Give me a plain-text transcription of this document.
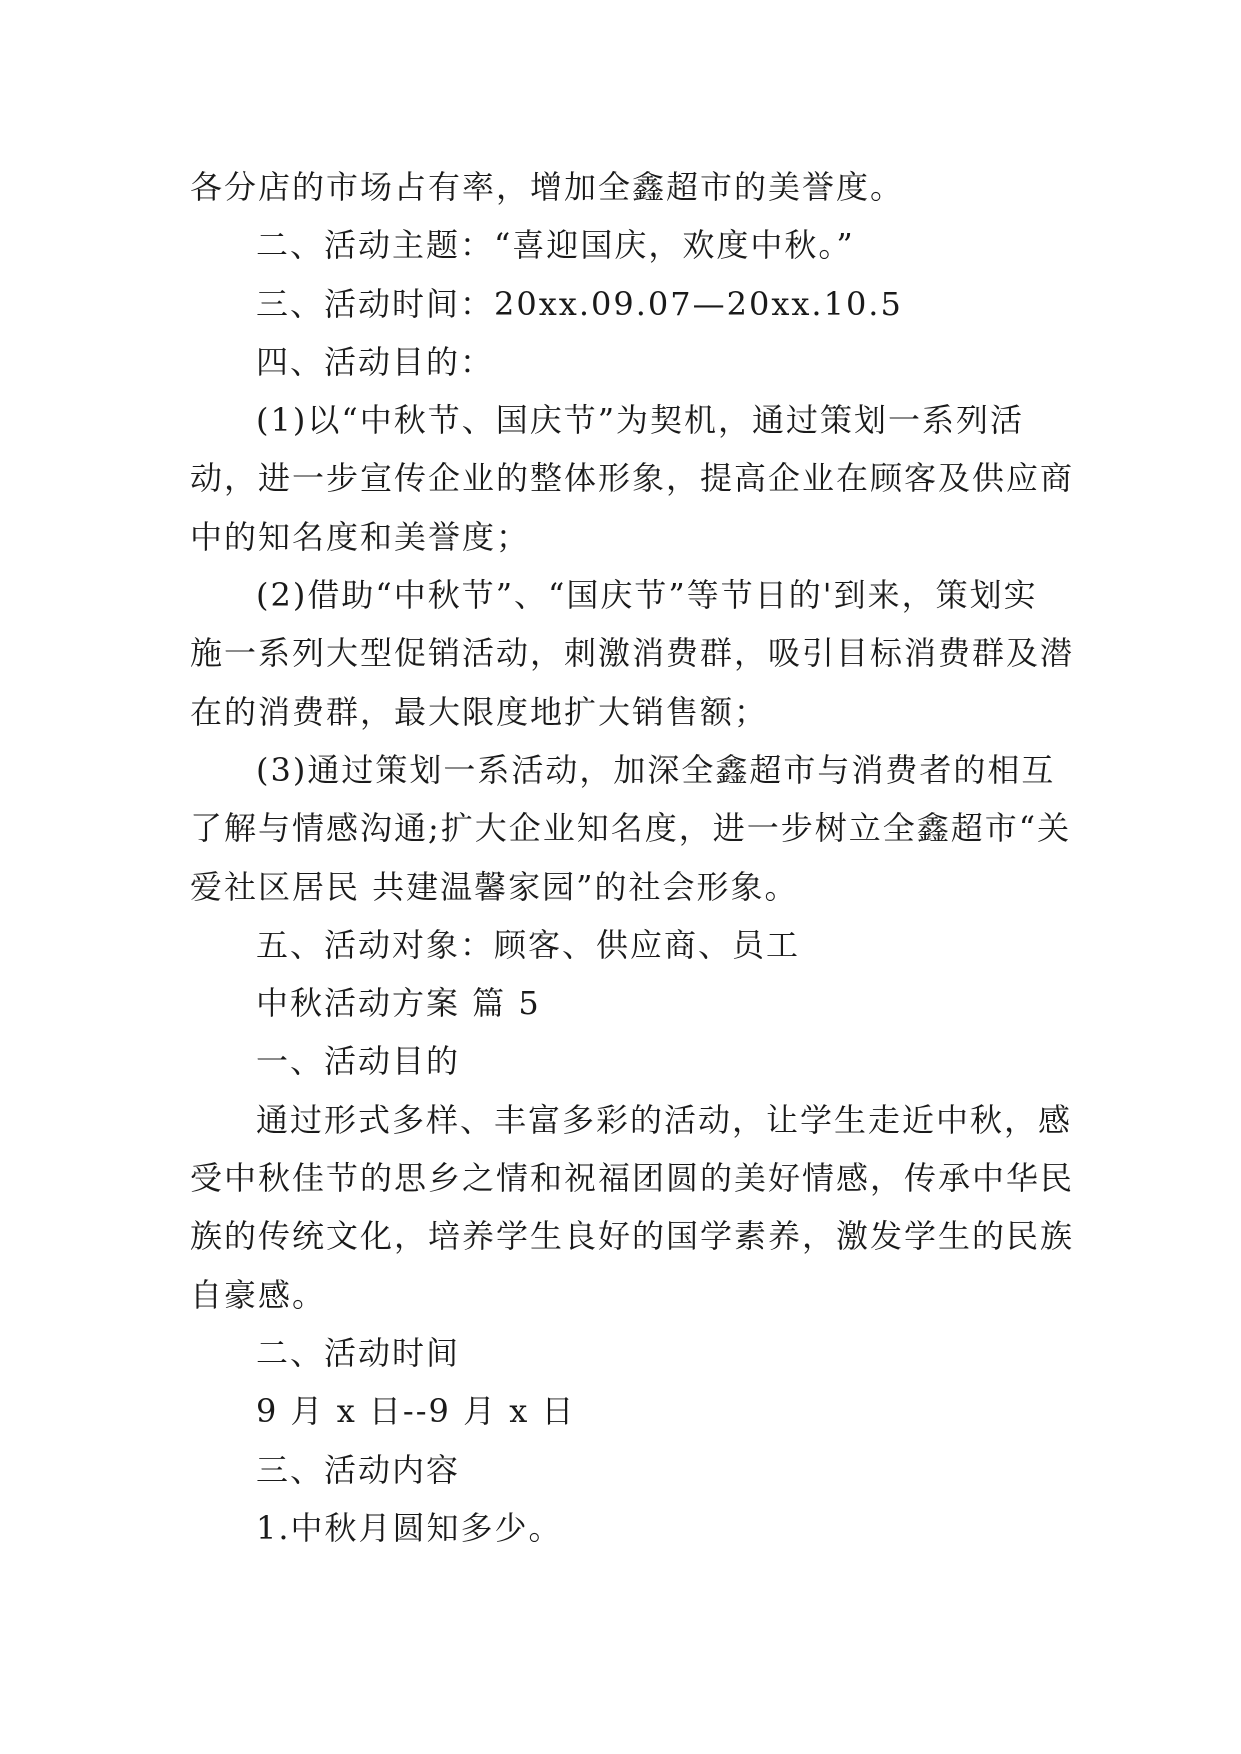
各分店的市场占有率，增加全鑫超市的美誉度。
二、活动主题：“喜迎国庆，欢度中秋。”
三、活动时间：20xx.09.07—20xx.10.5
四、活动目的：
(1)以“中秋节、国庆节”为契机，通过策划一系列活
动，进一步宣传企业的整体形象，提高企业在顾客及供应商
中的知名度和美誉度；
(2)借助“中秋节”、“国庆节”等节日的'到来，策划实
施一系列大型促销活动，刺激消费群，吸引目标消费群及潜
在的消费群，最大限度地扩大销售额；
(3)通过策划一系活动，加深全鑫超市与消费者的相互
了解与情感沟通;扩大企业知名度，进一步树立全鑫超市“关
爱社区居民 共建温馨家园”的社会形象。
五、活动对象：顾客、供应商、员工
中秋活动方案 篇 5
一、活动目的
通过形式多样、丰富多彩的活动，让学生走近中秋，感
受中秋佳节的思乡之情和祝福团圆的美好情感，传承中华民
族的传统文化，培养学生良好的国学素养，激发学生的民族
自豪感。
二、活动时间
9 月 x 日--9 月 x 日
三、活动内容
1.中秋月圆知多少。
